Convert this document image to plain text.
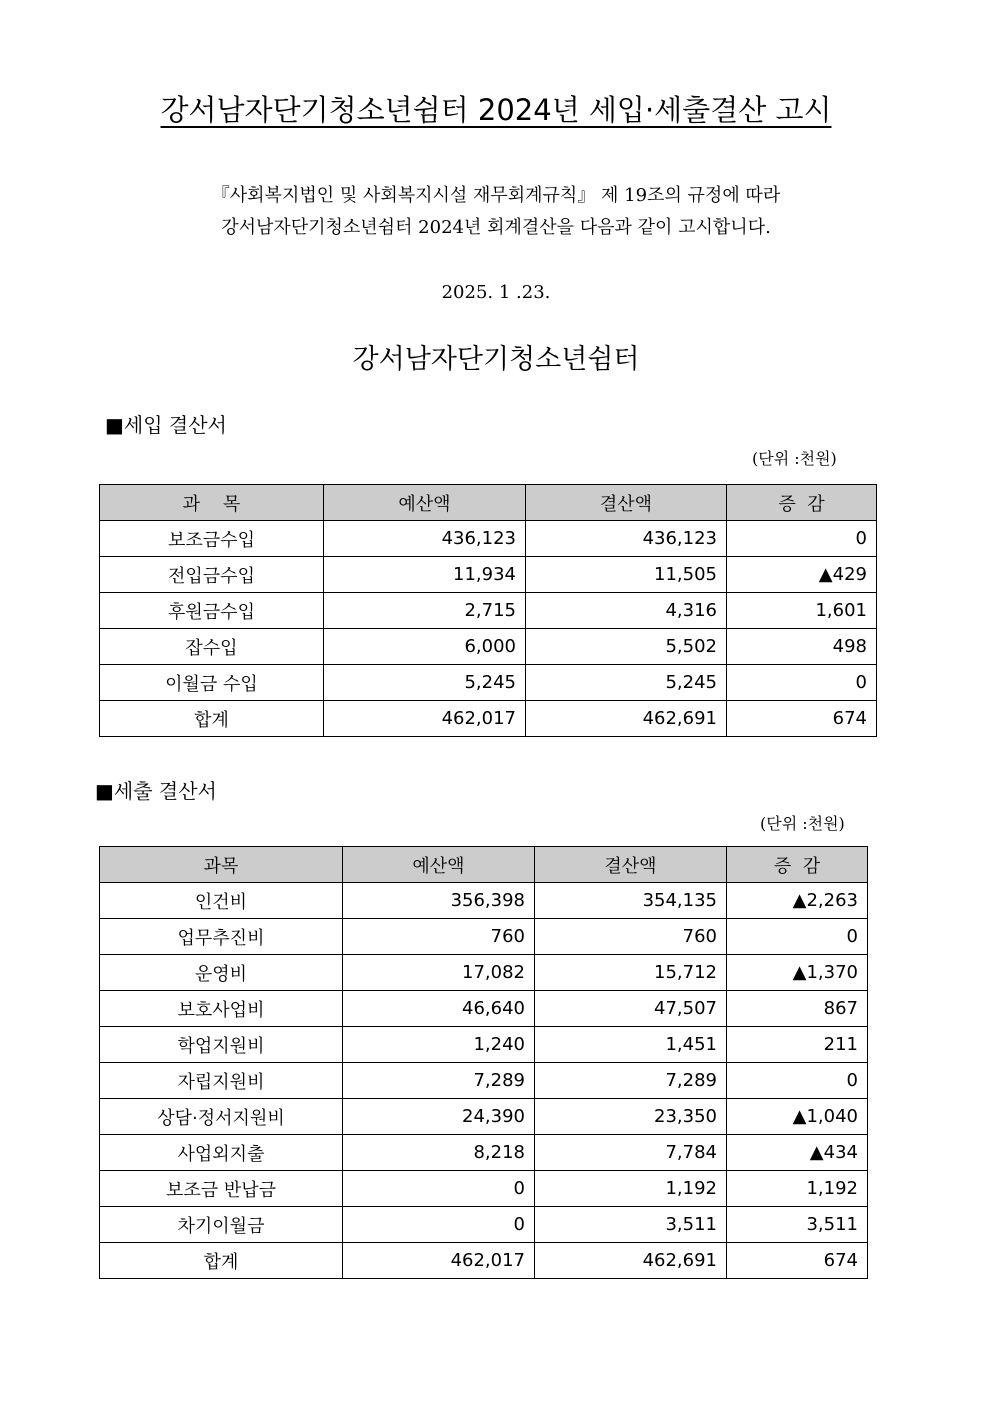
강서남자단기청소년쉼터 2024년 세입·세출결산 고시
『사회복지법인 및 사회복지시설 재무회계규칙』 제 19조의 규정에 따라
강서남자단기청소년쉼터 2024년 회계결산을 다음과 같이 고시합니다.
2025. 1 .23.
강서남자단기청소년쉼터
■세입 결산서
(단위 :천원)
과    목	예산액	결산액	증  감
보조금수입	436,123	436,123	0
전입금수입	11,934	11,505	▲429
후원금수입	2,715	4,316	1,601
잡수입	6,000	5,502	498
이월금 수입	5,245	5,245	0
합계	462,017	462,691	674
■세출 결산서
(단위 :천원)
과목	예산액	결산액	증  감
인건비	356,398	354,135	▲2,263
업무추진비	760	760	0
운영비	17,082	15,712	▲1,370
보호사업비	46,640	47,507	867
학업지원비	1,240	1,451	211
자립지원비	7,289	7,289	0
상담·정서지원비	24,390	23,350	▲1,040
사업외지출	8,218	7,784	▲434
보조금 반납금	0	1,192	1,192
차기이월금	0	3,511	3,511
합계	462,017	462,691	674
